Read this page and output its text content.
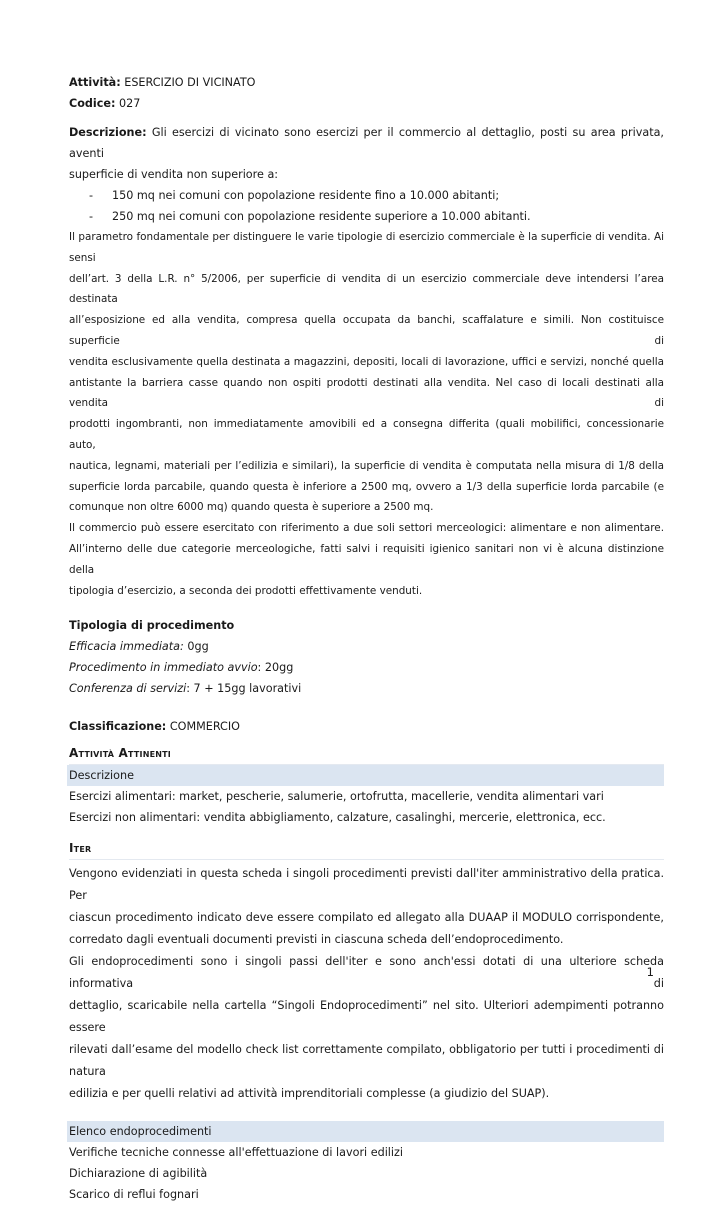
Attività: ESERCIZIO DI VICINATO

Codice: 027

Descrizione: Gli esercizi di vicinato sono esercizi per il commercio al dettaglio, posti su area privata, aventi

superficie di vendita non superiore a:

- 150 mq nei comuni con popolazione residente fino a 10.000 abitanti;
- 250 mq nei comuni con popolazione residente superiore a 10.000 abitanti.

Il parametro fondamentale per distinguere le varie tipologie di esercizio commerciale è la superficie di vendita. Ai sensi

dell’art. 3 della L.R. n° 5/2006, per superficie di vendita di un esercizio commerciale deve intendersi l’area destinata

all’esposizione ed alla vendita, compresa quella occupata da banchi, scaffalature e simili. Non costituisce superficie di

vendita esclusivamente quella destinata a magazzini, depositi, locali di lavorazione, uffici e servizi, nonché quella

antistante la barriera casse quando non ospiti prodotti destinati alla vendita. Nel caso di locali destinati alla vendita di

prodotti ingombranti, non immediatamente amovibili ed a consegna differita (quali mobilifici, concessionarie auto,

nautica, legnami, materiali per l’edilizia e similari), la superficie di vendita è computata nella misura di 1/8 della

superficie lorda parcabile, quando questa è inferiore a 2500 mq, ovvero a 1/3 della superficie lorda parcabile (e

comunque non oltre 6000 mq) quando questa è superiore a 2500 mq.

Il commercio può essere esercitato con riferimento a due soli settori merceologici: alimentare e non alimentare.

All’interno delle due categorie merceologiche, fatti salvi i requisiti igienico sanitari non vi è alcuna distinzione della

tipologia d’esercizio, a seconda dei prodotti effettivamente venduti.

Tipologia di procedimento

Efficacia immediata: 0gg

Procedimento in immediato avvio: 20gg

Conferenza di servizi: 7 + 15gg lavorativi

Classificazione: COMMERCIO

Attività Attinenti

Descrizione

Esercizi alimentari: market, pescherie, salumerie, ortofrutta, macellerie, vendita alimentari vari

Esercizi non alimentari: vendita abbigliamento, calzature, casalinghi, mercerie, elettronica, ecc.

Iter

Vengono evidenziati in questa scheda i singoli procedimenti previsti dall'iter amministrativo della pratica. Per

ciascun procedimento indicato deve essere compilato ed allegato alla DUAAP il MODULO corrispondente,

corredato dagli eventuali documenti previsti in ciascuna scheda dell’endoprocedimento.

Gli endoprocedimenti sono i singoli passi dell'iter e sono anch'essi dotati di una ulteriore scheda informativa di

dettaglio, scaricabile nella cartella “Singoli Endoprocedimenti” nel sito. Ulteriori adempimenti potranno essere

rilevati dall’esame del modello check list correttamente compilato, obbligatorio per tutti i procedimenti di natura

edilizia e per quelli relativi ad attività imprenditoriali complesse (a giudizio del SUAP).

Elenco endoprocedimenti

Verifiche tecniche connesse all'effettuazione di lavori edilizi

Dichiarazione di agibilità

Scarico di reflui fognari

1
